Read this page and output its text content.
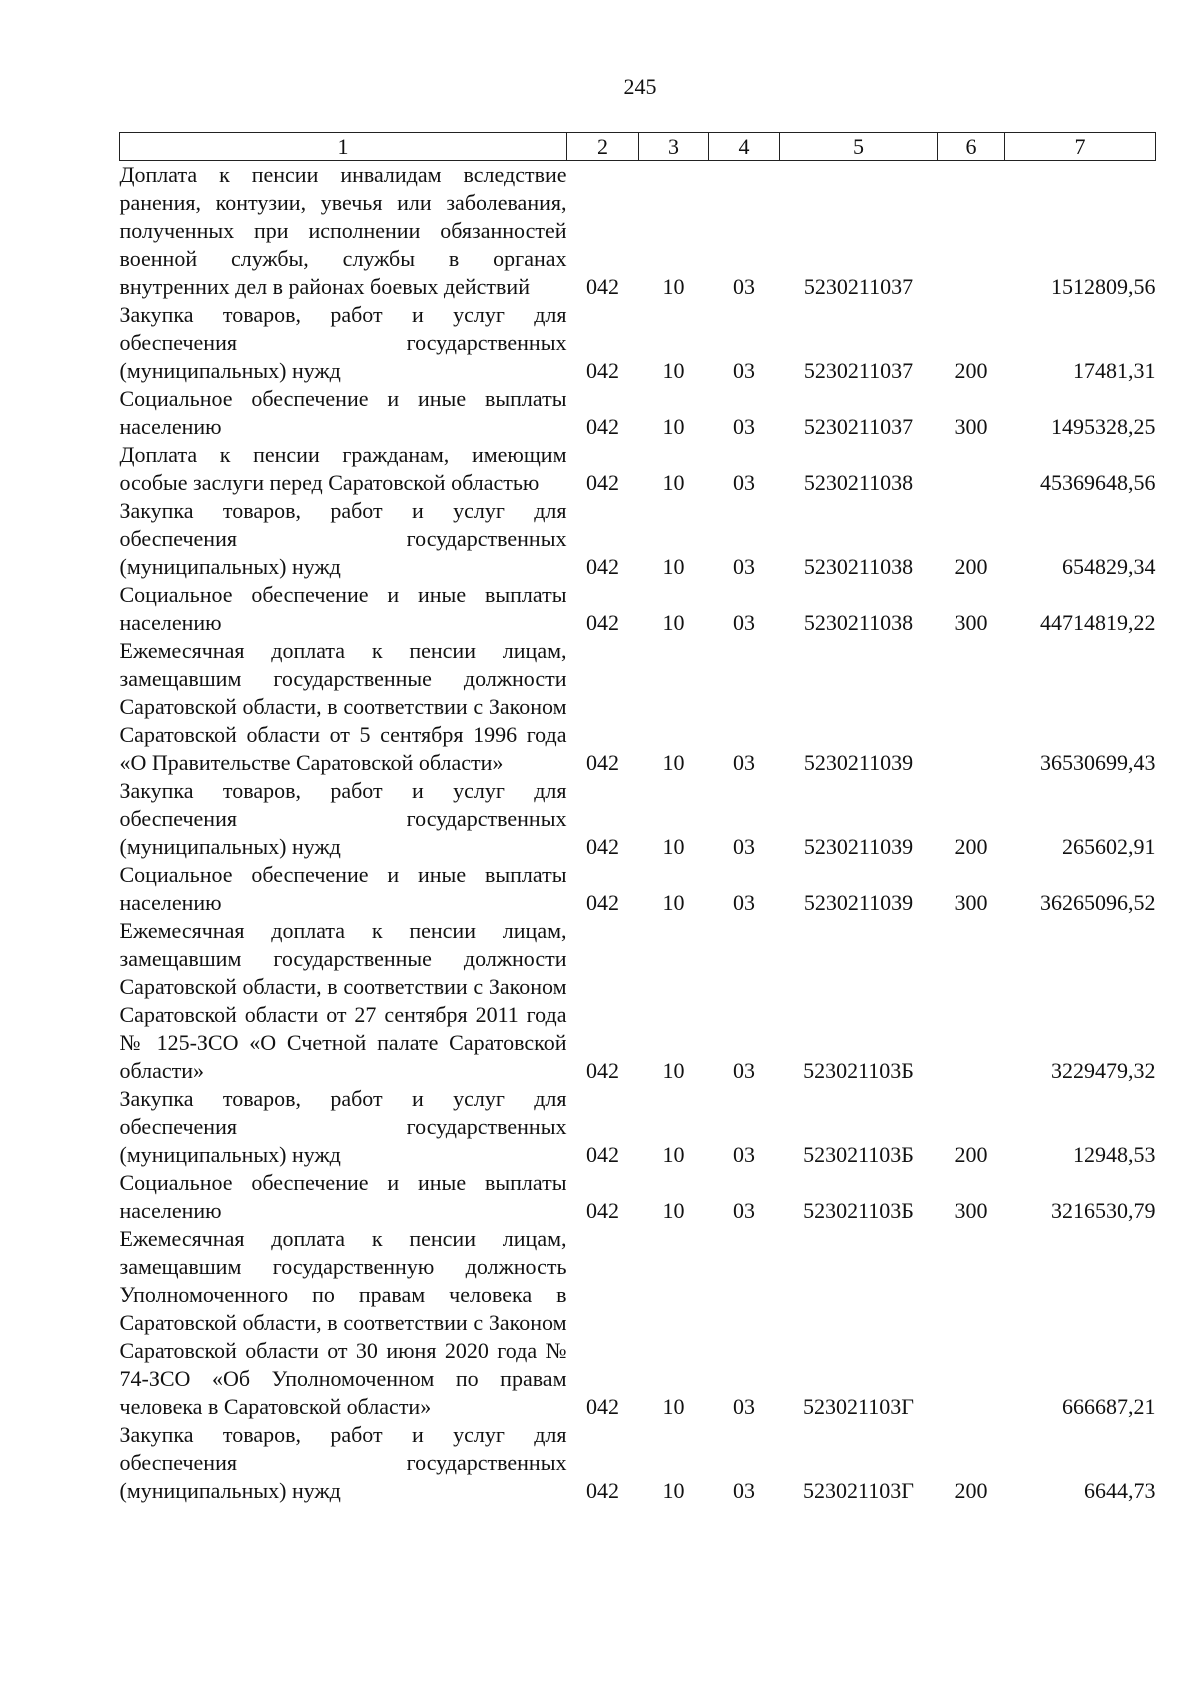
245
1	2	3	4	5	6	7
Доплата к пенсии инвалидам вследствие ранения, контузии, увечья или заболевания, полученных при исполнении обязанностей военной службы, службы в органах внутренних дел в районах боевых действий	042	10	03	5230211037		1512809,56
Закупка товаров, работ и услуг для обеспечения государственных (муниципальных) нужд	042	10	03	5230211037	200	17481,31
Социальное обеспечение и иные выплаты населению	042	10	03	5230211037	300	1495328,25
Доплата к пенсии гражданам, имеющим особые заслуги перед Саратовской областью	042	10	03	5230211038		45369648,56
Закупка товаров, работ и услуг для обеспечения государственных (муниципальных) нужд	042	10	03	5230211038	200	654829,34
Социальное обеспечение и иные выплаты населению	042	10	03	5230211038	300	44714819,22
Ежемесячная доплата к пенсии лицам, замещавшим государственные должности Саратовской области, в соответствии с Законом Саратовской области от 5 сентября 1996 года «О Правительстве Саратовской области»	042	10	03	5230211039		36530699,43
Закупка товаров, работ и услуг для обеспечения государственных (муниципальных) нужд	042	10	03	5230211039	200	265602,91
Социальное обеспечение и иные выплаты населению	042	10	03	5230211039	300	36265096,52
Ежемесячная доплата к пенсии лицам, замещавшим государственные должности Саратовской области, в соответствии с Законом Саратовской области от 27 сентября 2011 года № 125-ЗСО «О Счетной палате Саратовской области»	042	10	03	523021103Б		3229479,32
Закупка товаров, работ и услуг для обеспечения государственных (муниципальных) нужд	042	10	03	523021103Б	200	12948,53
Социальное обеспечение и иные выплаты населению	042	10	03	523021103Б	300	3216530,79
Ежемесячная доплата к пенсии лицам, замещавшим государственную должность Уполномоченного по правам человека в Саратовской области, в соответствии с Законом Саратовской области от 30 июня 2020 года № 74-ЗСО «Об Уполномоченном по правам человека в Саратовской области»	042	10	03	523021103Г		666687,21
Закупка товаров, работ и услуг для обеспечения государственных (муниципальных) нужд	042	10	03	523021103Г	200	6644,73
